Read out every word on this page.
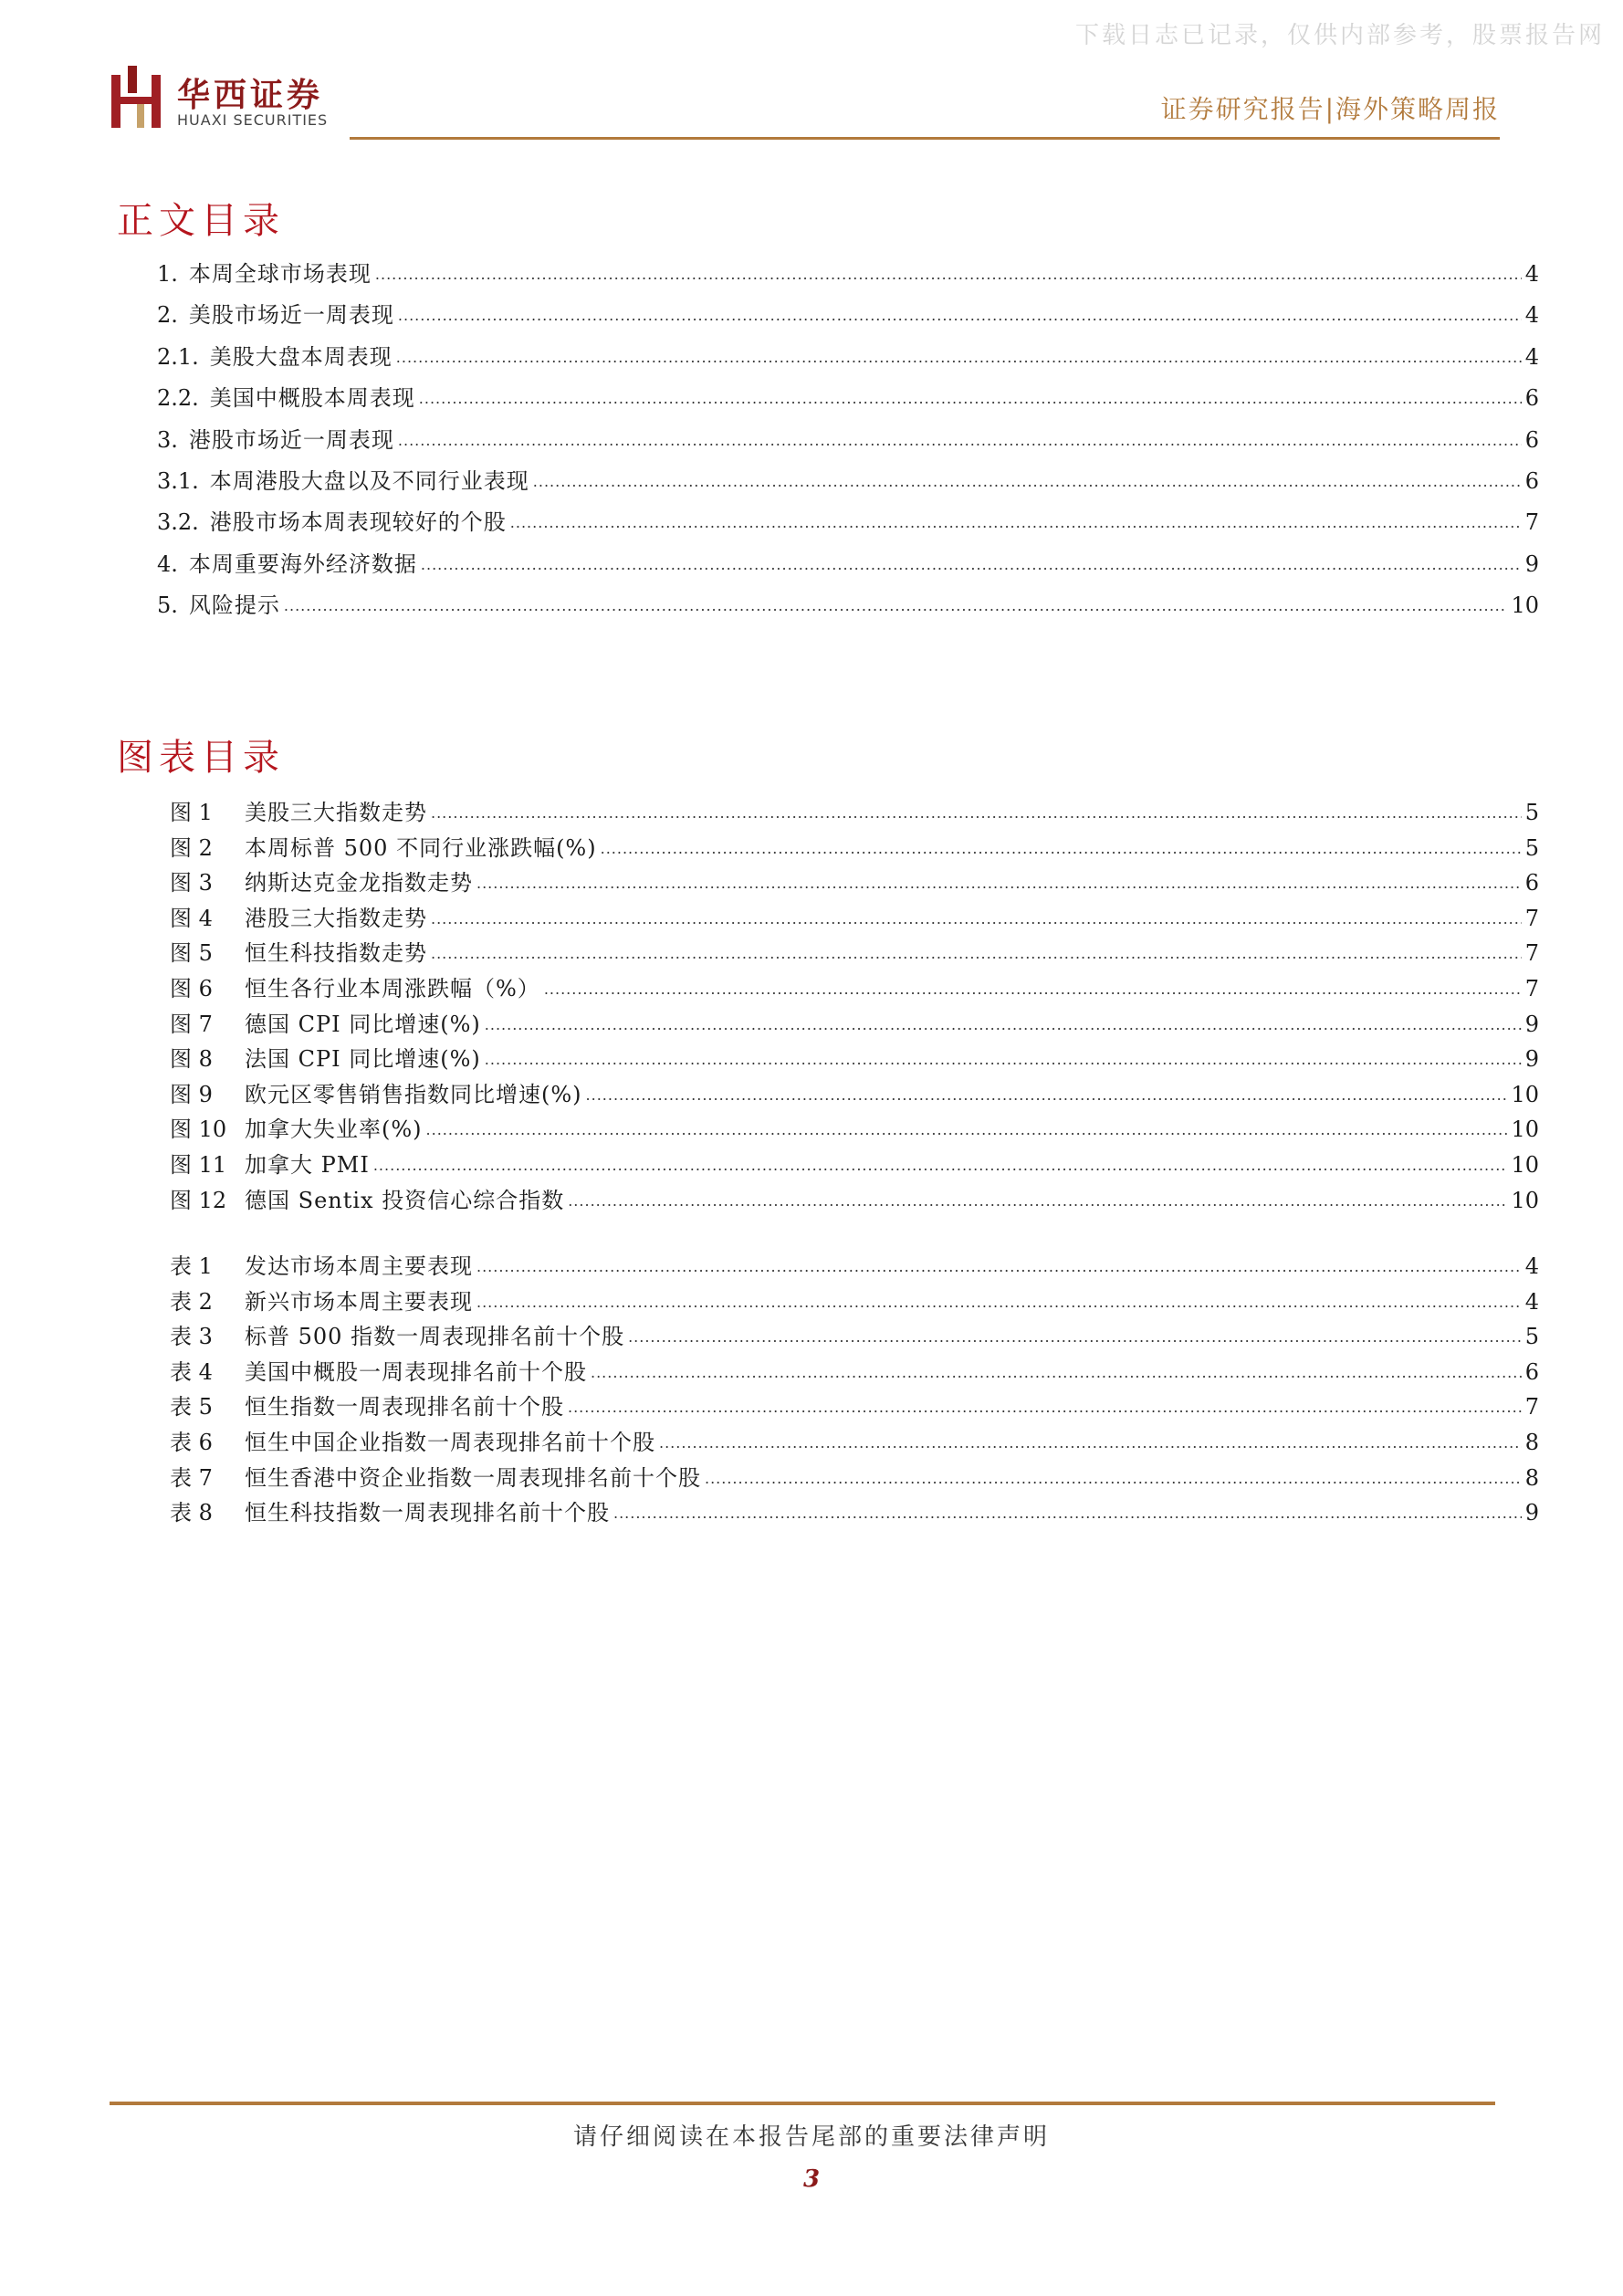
下载日志已记录，仅供内部参考，股票报告网
华西证券
HUAXI SECURITIES	证券研究报告|海外策略周报
正文目录
1. 本周全球市场表现 .....	4
2. 美股市场近一周表现 .....	4
2.1. 美股大盘本周表现 .....	4
2.2. 美国中概股本周表现 .....	6
3. 港股市场近一周表现 .....	6
3.1. 本周港股大盘以及不同行业表现 .....	6
3.2. 港股市场本周表现较好的个股 .....	7
4. 本周重要海外经济数据 .....	9
5. 风险提示 .....	10
图表目录
图 1	美股三大指数走势 .....	5
图 2	本周标普 500 不同行业涨跌幅(%) .....	5
图 3	纳斯达克金龙指数走势 .....	6
图 4	港股三大指数走势 .....	7
图 5	恒生科技指数走势 .....	7
图 6	恒生各行业本周涨跌幅（%） .....	7
图 7	德国 CPI 同比增速(%) .....	9
图 8	法国 CPI 同比增速(%) .....	9
图 9	欧元区零售销售指数同比增速(%) .....	10
图 10 加拿大失业率(%) .....	10
图 11 加拿大 PMI .....	10
图 12 德国 Sentix 投资信心综合指数 .....	10
表 1	发达市场本周主要表现 .....	4
表 2	新兴市场本周主要表现 .....	4
表 3	标普 500 指数一周表现排名前十个股 .....	5
表 4	美国中概股一周表现排名前十个股 .....	6
表 5	恒生指数一周表现排名前十个股 .....	7
表 6	恒生中国企业指数一周表现排名前十个股 .....	8
表 7	恒生香港中资企业指数一周表现排名前十个股 .....	8
表 8	恒生科技指数一周表现排名前十个股 .....	9
请仔细阅读在本报告尾部的重要法律声明
3
